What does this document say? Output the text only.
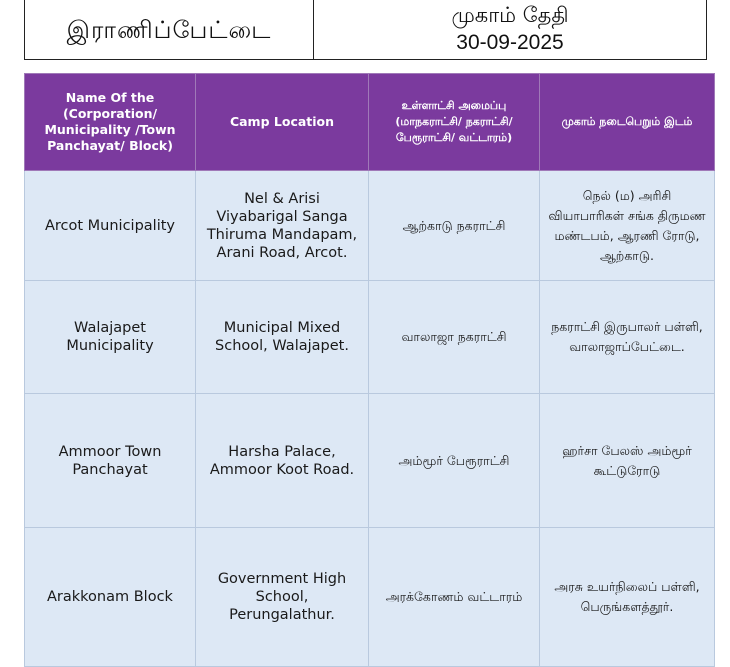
இராணிப்பேட்டை
முகாம் தேதி
30-09-2025
Name Of the (Corporation/ Municipality /Town Panchayat/ Block)	Camp Location	உள்ளாட்சி அமைப்பு (மாநகராட்சி/ நகராட்சி/ பேரூராட்சி/ வட்டாரம்)	முகாம் நடைபெறும் இடம்
Arcot Municipality	Nel & Arisi Viyabarigal Sanga Thiruma Mandapam, Arani Road, Arcot.	ஆற்காடு நகராட்சி	நெல் (ம) அரிசி வியாபாரிகள் சங்க திருமண மண்டபம், ஆரணி ரோடு, ஆற்காடு.
Walajapet Municipality	Municipal Mixed School, Walajapet.	வாலாஜா நகராட்சி	நகராட்சி இருபாலர் பள்ளி, வாலாஜாப்பேட்டை.
Ammoor Town Panchayat	Harsha Palace, Ammoor Koot Road.	அம்மூர் பேரூராட்சி	ஹர்சா பேலஸ் அம்மூர் கூட்டுரோடு
Arakkonam Block	Government High School, Perungalathur.	அரக்கோணம் வட்டாரம்	அரசு உயர்நிலைப் பள்ளி, பெருங்களத்தூர்.
